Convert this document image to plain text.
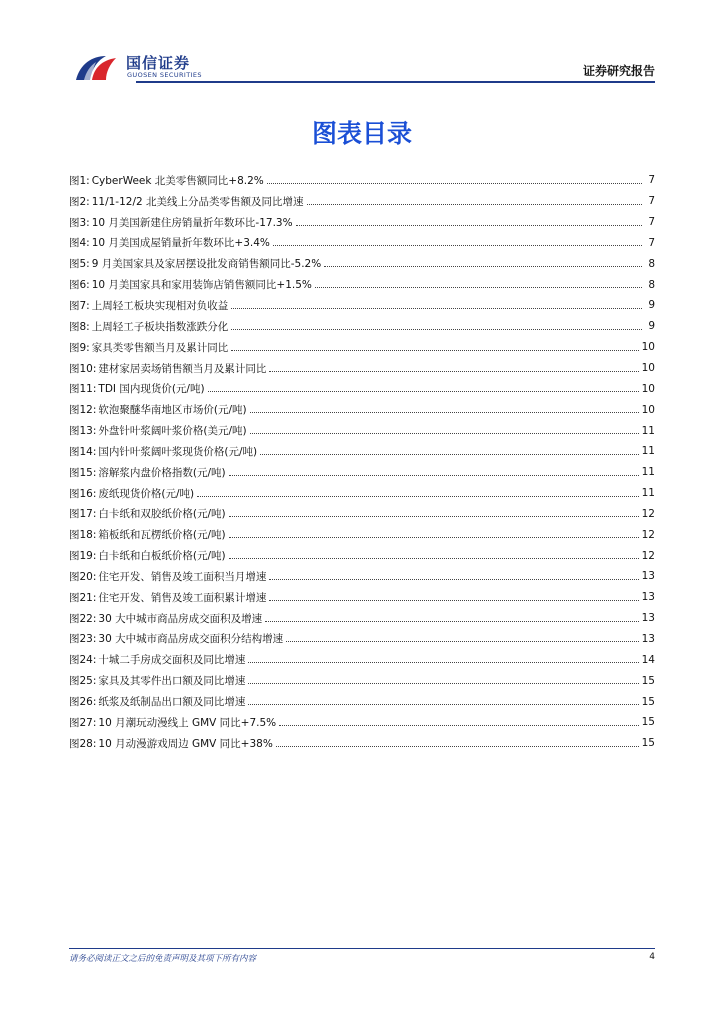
国信证券
GUOSEN SECURITIES	证券研究报告
图表目录
图1: CyberWeek 北美零售额同比+8.2%	7
图2: 11/1-12/2 北美线上分品类零售额及同比增速	7
图3: 10 月美国新建住房销量折年数环比-17.3%	7
图4: 10 月美国成屋销量折年数环比+3.4%	7
图5: 9 月美国家具及家居摆设批发商销售额同比-5.2%	8
图6: 10 月美国家具和家用装饰店销售额同比+1.5%	8
图7: 上周轻工板块实现相对负收益	9
图8: 上周轻工子板块指数涨跌分化	9
图9: 家具类零售额当月及累计同比	10
图10: 建材家居卖场销售额当月及累计同比	10
图11: TDI 国内现货价(元/吨)	10
图12: 软泡聚醚华南地区市场价(元/吨)	10
图13: 外盘针叶浆阔叶浆价格(美元/吨)	11
图14: 国内针叶浆阔叶浆现货价格(元/吨)	11
图15: 溶解浆内盘价格指数(元/吨)	11
图16: 废纸现货价格(元/吨)	11
图17: 白卡纸和双胶纸价格(元/吨)	12
图18: 箱板纸和瓦楞纸价格(元/吨)	12
图19: 白卡纸和白板纸价格(元/吨)	12
图20: 住宅开发、销售及竣工面积当月增速	13
图21: 住宅开发、销售及竣工面积累计增速	13
图22: 30 大中城市商品房成交面积及增速	13
图23: 30 大中城市商品房成交面积分结构增速	13
图24: 十城二手房成交面积及同比增速	14
图25: 家具及其零件出口额及同比增速	15
图26: 纸浆及纸制品出口额及同比增速	15
图27: 10 月潮玩动漫线上 GMV 同比+7.5%	15
图28: 10 月动漫游戏周边 GMV 同比+38%	15
请务必阅读正文之后的免责声明及其项下所有内容	4
